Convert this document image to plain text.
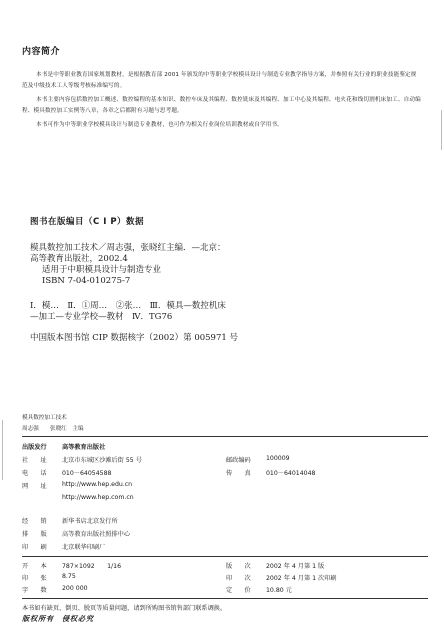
内容简介
本书是中等职业教育国家规划教材，是根据教育部 2001 年颁发的中等职业学校模具设计与制造专业教学指导方案，并参照有关行业的职业技能鉴定规范及中级技术工人等级考核标准编写的。
本书主要内容包括数控加工概述、数控编程的基本知识、数控车床及其编程、数控铣床及其编程、加工中心及其编程、电火花和线切割机床加工、自动编程、模具数控加工实例等八章，各章之后都附有习题与思考题。
本书可作为中等职业学校模具设计与制造专业教材，也可作为相关行业岗位培训教材或自学用书。
图书在版编目（C I P）数据
模具数控加工技术／周志强，张晓红主编．—北京：
高等教育出版社，2002.4
适用于中职模具设计与制造专业
ISBN 7-04-010275-7
Ⅰ．模…　Ⅱ．①周…　②张…　Ⅲ．模具—数控机床
—加工—专业学校—教材　Ⅳ．TG76
中国版本图书馆 CIP 数据核字（2002）第 005971 号
模具数控加工技术
周志强　　张晓红　主编
出版发行 高等教育出版社
社　　址 北京市东城区沙滩后街 55 号	邮政编码 100009
电　　话 010－64054588	传　　真 010－64014048
网　　址 http://www.hep.edu.cn
http://www.hep.com.cn
经　　销 新华书店北京发行所
排　　版 高等教育出版社照排中心
印　　刷 北京联华印刷厂
开　　本 787×1092　　1/16	版　　次 2002 年 4 月第 1 版
印　　张 8.75	印　　次 2002 年 4 月第 1 次印刷
字　　数 200 000	定　　价 10.80 元
本书如有缺页、倒页、脱页等质量问题，请到所购图书销售部门联系调换。
版权所有　侵权必究
